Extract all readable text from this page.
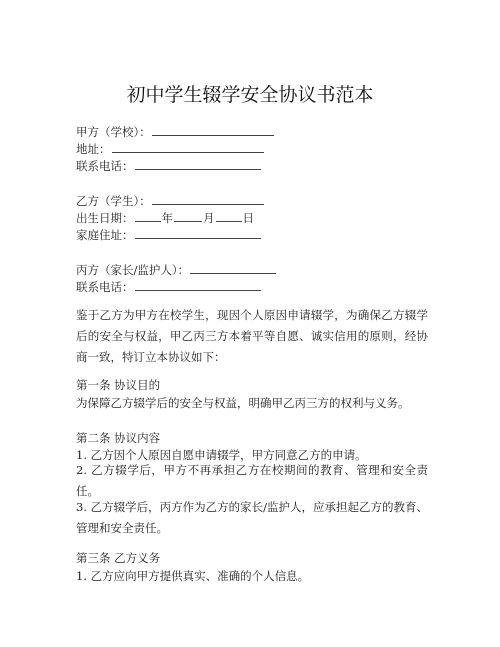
初中学生辍学安全协议书范本
甲方（学校）：
地址：
联系电话：
乙方（学生）：
出生日期： 年	月 日
家庭住址：
丙方（家长/监护人）：
联系电话：
鉴于乙方为甲方在校学生，现因个人原因申请辍学，为确保乙方辍学后的安全与权益，甲乙丙三方本着平等自愿、诚实信用的原则，经协商一致，特订立本协议如下：
第一条 协议目的
为保障乙方辍学后的安全与权益，明确甲乙丙三方的权利与义务。
第二条 协议内容
1. 乙方因个人原因自愿申请辍学，甲方同意乙方的申请。
2. 乙方辍学后，甲方不再承担乙方在校期间的教育、管理和安全责任。
3. 乙方辍学后，丙方作为乙方的家长/监护人，应承担起乙方的教育、管理和安全责任。
第三条 乙方义务
1. 乙方应向甲方提供真实、准确的个人信息。
